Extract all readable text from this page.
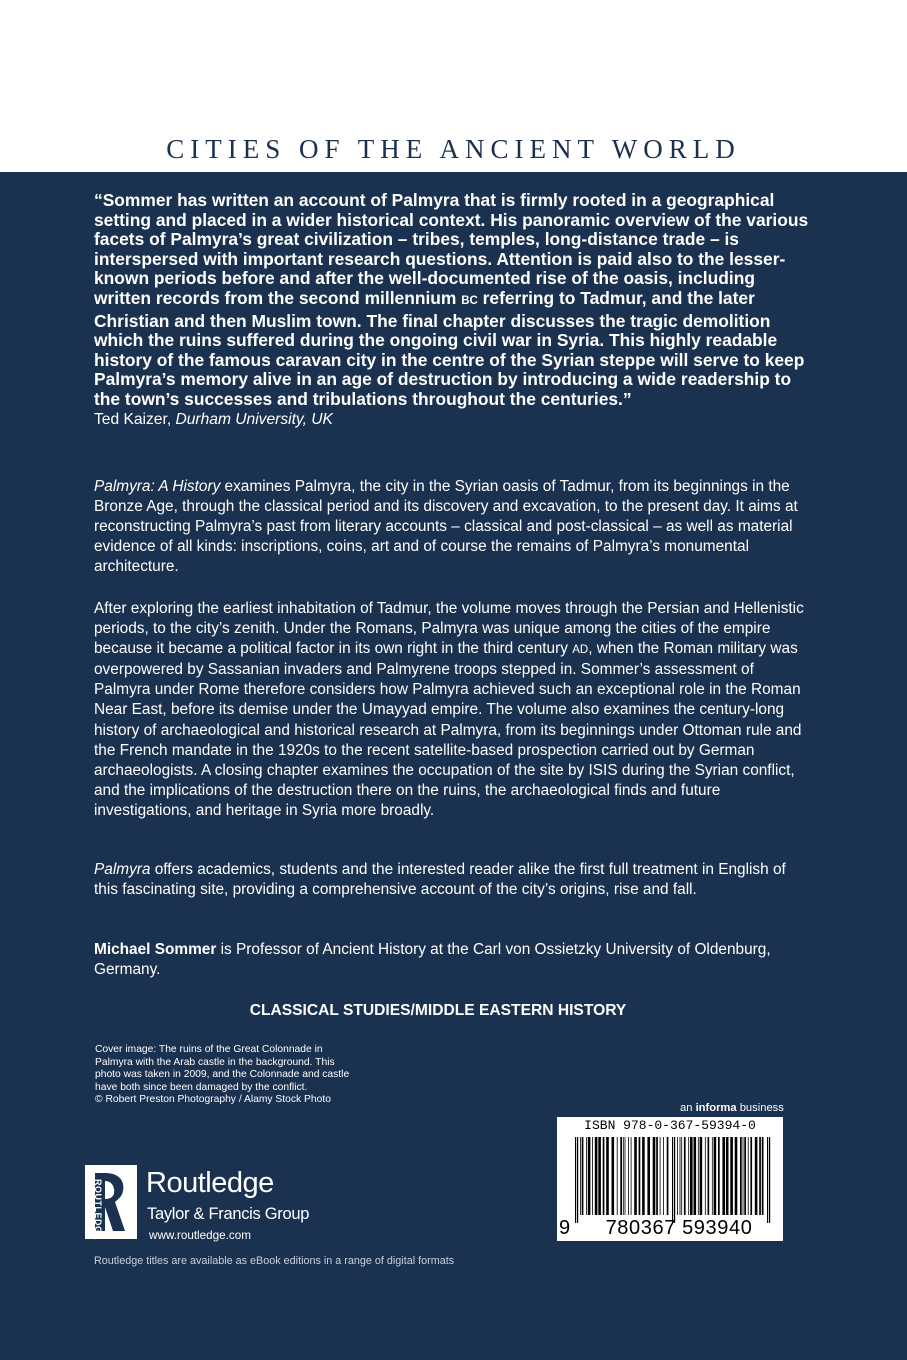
CITIES OF THE ANCIENT WORLD

“Sommer has written an account of Palmyra that is firmly rooted in a geographical setting and placed in a wider historical context. His panoramic overview of the various facets of Palmyra’s great civilization – tribes, temples, long-distance trade – is interspersed with important research questions. Attention is paid also to the lesser-known periods before and after the well-documented rise of the oasis, including written records from the second millennium BC referring to Tadmur, and the later Christian and then Muslim town. The final chapter discusses the tragic demolition which the ruins suffered during the ongoing civil war in Syria. This highly readable history of the famous caravan city in the centre of the Syrian steppe will serve to keep Palmyra’s memory alive in an age of destruction by introducing a wide readership to the town’s successes and tribulations throughout the centuries.”

Ted Kaizer, Durham University, UK

Palmyra: A History examines Palmyra, the city in the Syrian oasis of Tadmur, from its beginnings in the Bronze Age, through the classical period and its discovery and excavation, to the present day. It aims at reconstructing Palmyra’s past from literary accounts – classical and post-classical – as well as material evidence of all kinds: inscriptions, coins, art and of course the remains of Palmyra’s monumental architecture.

After exploring the earliest inhabitation of Tadmur, the volume moves through the Persian and Hellenistic periods, to the city’s zenith. Under the Romans, Palmyra was unique among the cities of the empire because it became a political factor in its own right in the third century AD, when the Roman military was overpowered by Sassanian invaders and Palmyrene troops stepped in. Sommer’s assessment of Palmyra under Rome therefore considers how Palmyra achieved such an exceptional role in the Roman Near East, before its demise under the Umayyad empire. The volume also examines the century-long history of archaeological and historical research at Palmyra, from its beginnings under Ottoman rule and the French mandate in the 1920s to the recent satellite-based prospection carried out by German archaeologists. A closing chapter examines the occupation of the site by ISIS during the Syrian conflict, and the implications of the destruction there on the ruins, the archaeological finds and future investigations, and heritage in Syria more broadly.

Palmyra offers academics, students and the interested reader alike the first full treatment in English of this fascinating site, providing a comprehensive account of the city’s origins, rise and fall.

Michael Sommer is Professor of Ancient History at the Carl von Ossietzky University of Oldenburg, Germany.

CLASSICAL STUDIES/MIDDLE EASTERN HISTORY
Cover image: The ruins of the Great Colonnade in
Palmyra with the Arab castle in the background. This
photo was taken in 2009, and the Colonnade and castle
have both since been damaged by the conflict.
© Robert Preston Photography / Alamy Stock Photo
an informa business
ISBN 978-0-367-59394-0
9	780367 593940
ROUTLEDGE Routledge
Taylor & Francis Group
www.routledge.com
Routledge titles are available as eBook editions in a range of digital formats
